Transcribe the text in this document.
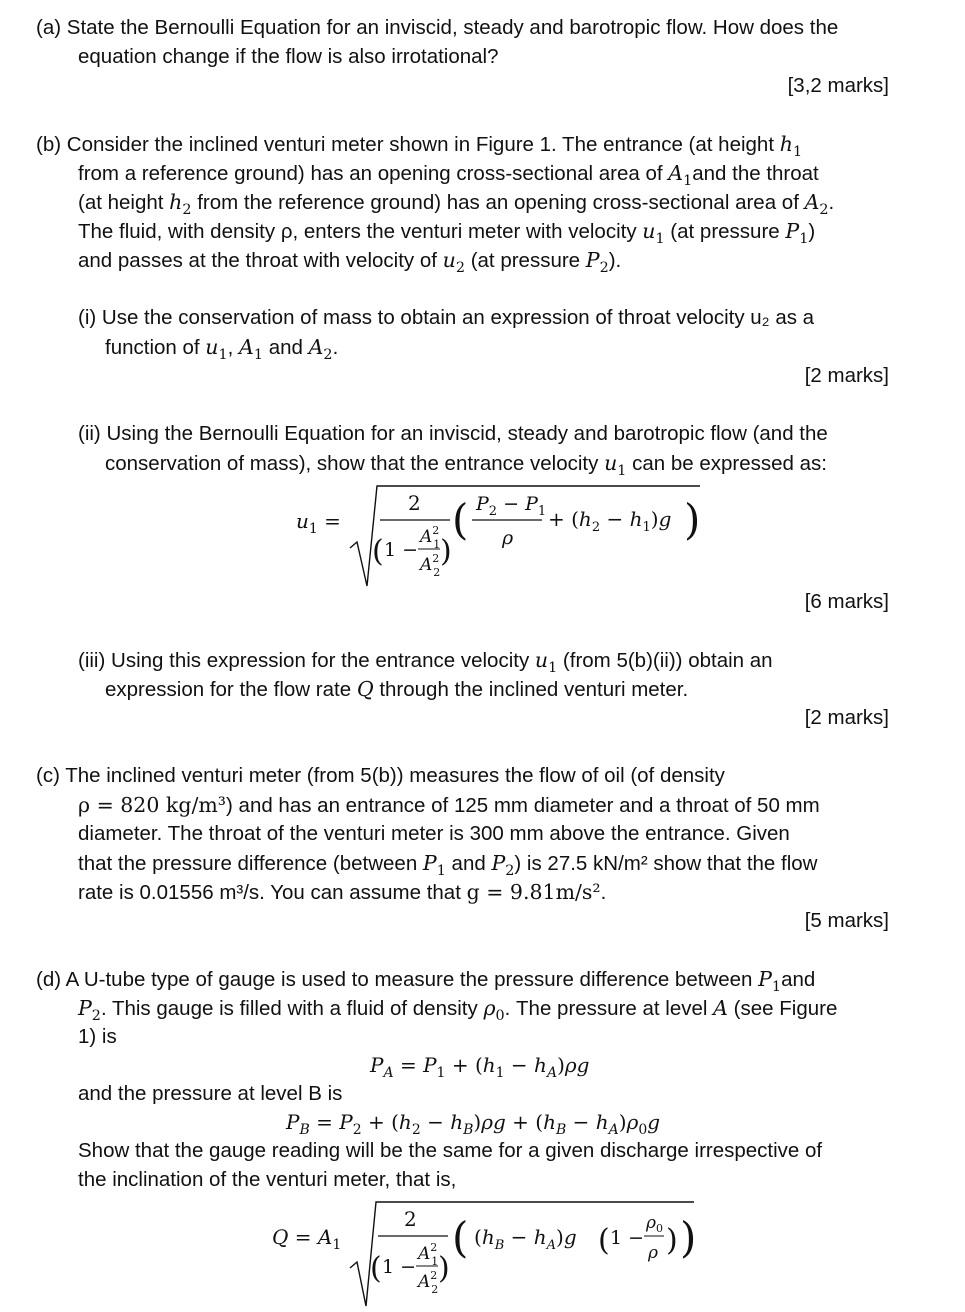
(a) State the Bernoulli Equation for an inviscid, steady and barotropic flow. How does the
equation change if the flow is also irrotational?
[3,2 marks]
(b) Consider the inclined venturi meter shown in Figure 1. The entrance (at height $h_1$
from a reference ground) has an opening cross-sectional area of $A_1and$ the throat
(at height $h_2$ from the reference ground) has an opening cross-sectional area of $A_2$.
The fluid, with density ρ, enters the venturi meter with velocity $u_1$ (at pressure $P_1$)
and passes at the throat with velocity of $u_2$ (at pressure $P_2$).
(i) Use the conservation of mass to obtain an expression of throat velocity u₂ as a
function of $u_1$, $A_1$ and $A_2$.
[2 marks]
(ii) Using the Bernoulli Equation for an inviscid, steady and barotropic flow (and the
conservation of mass), show that the entrance velocity $u_1$ can be expressed as:
$u_1$ =
2
( 1 −
$A^2$ 1
$A^2$ 2
)
( $P_2 - P_1$
ρ
+ $(h_2 - h_1)g$ )
[6 marks]
(iii) Using this expression for the entrance velocity $u_1$ (from 5(b)(ii)) obtain an
expression for the flow rate Q through the inclined venturi meter.
[2 marks]
(c) The inclined venturi meter (from 5(b)) measures the flow of oil (of density
ρ = 820 kg/m³) and has an entrance of 125 mm diameter and a throat of 50 mm
diameter. The throat of the venturi meter is 300 mm above the entrance. Given
that the pressure difference (between $P_1$ and $P_2$) is 27.5 kN/m² show that the flow
rate is 0.01556 m³/s. You can assume that g = 9.81m/s².
[5 marks]
(d) A U-tube type of gauge is used to measure the pressure difference between $P_1and$
$P_2$. This gauge is filled with a fluid of density $\rho_0$. The pressure at level A (see Figure
1) is
$P_A = P_1 + (h_1 - h_A)\rho g$
and the pressure at level B is
$P_B = P_2 + (h_2 - h_B)\rho g + (h_B - h_A)\rho_0g$
Show that the gauge reading will be the same for a given discharge irrespective of
the inclination of the venturi meter, that is,
$Q = A_1$
2
( 1 −
$A^2$ 1
$A^2$ 2
)
( $(h_B - h_A)g$ ( 1 −
$\rho_0$
ρ ) )
